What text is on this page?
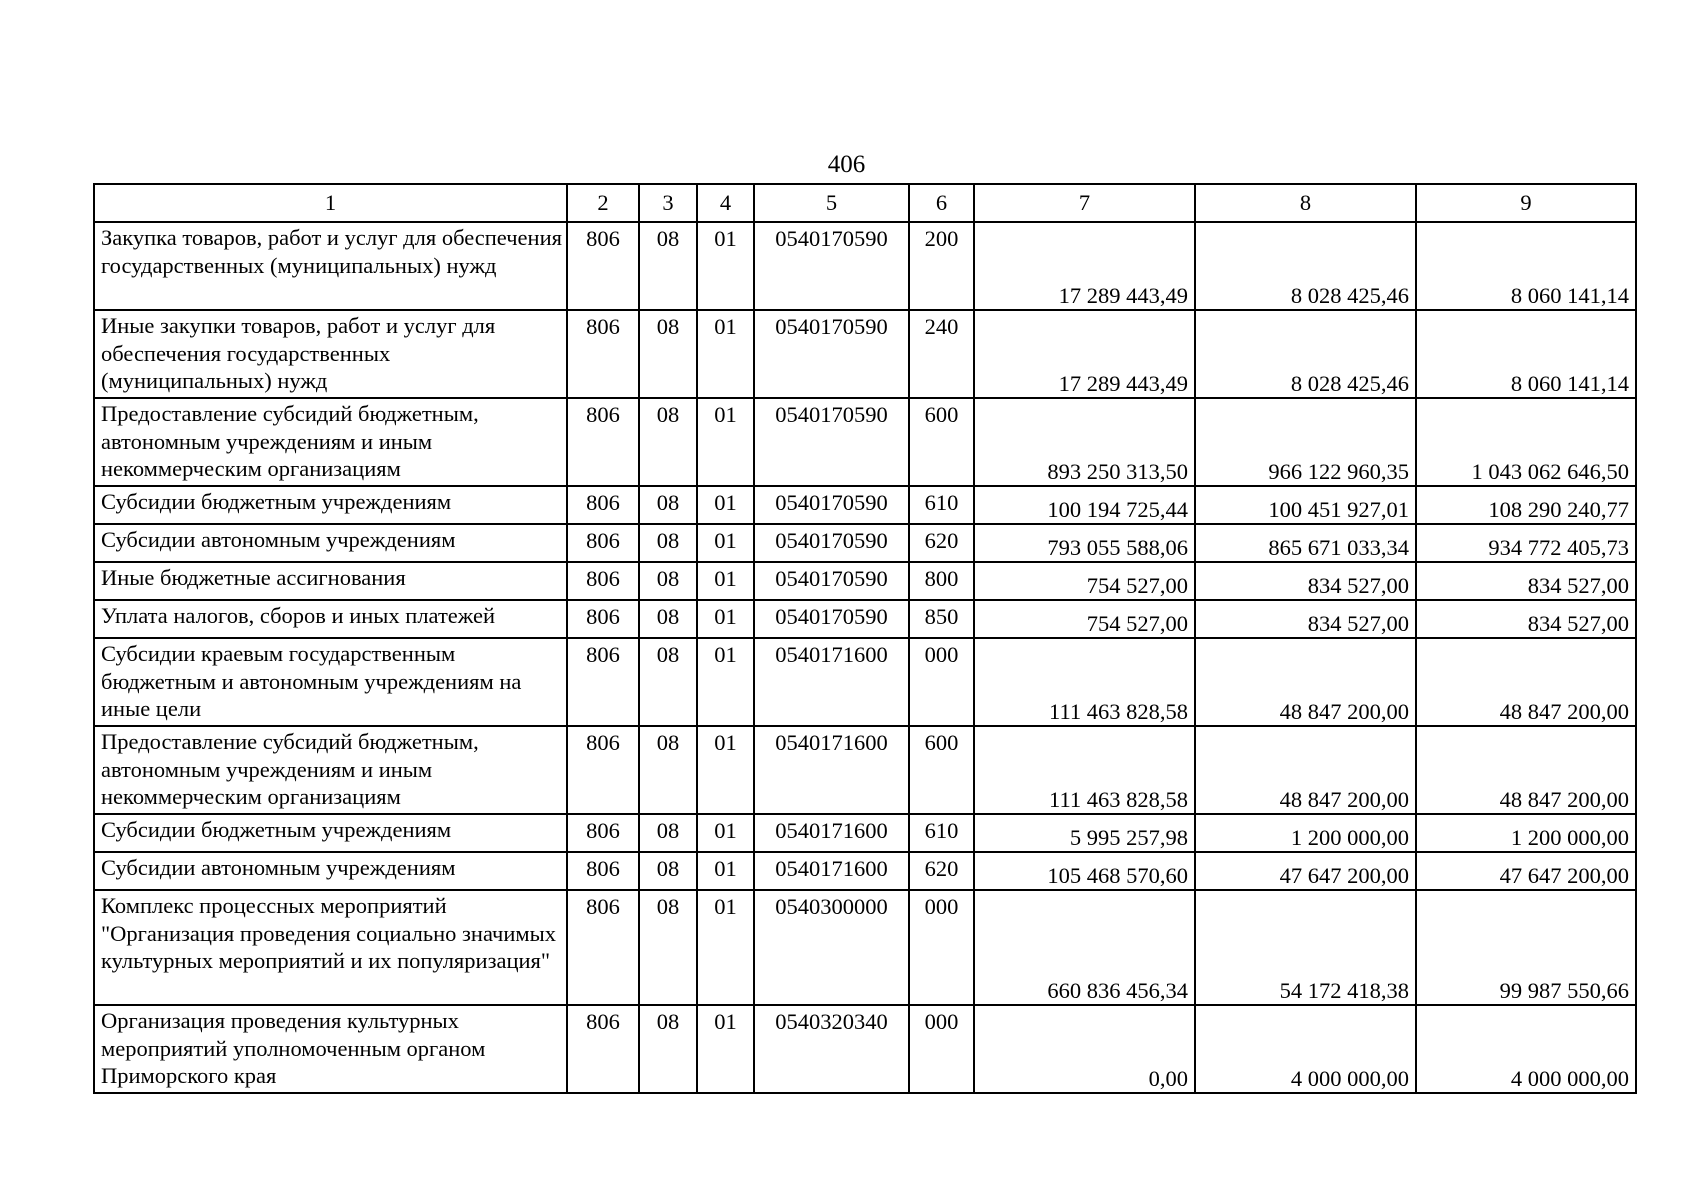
406
1	2	3	4	5	6	7	8	9
Закупка товаров, работ и услуг для обеспечения государственных (муниципальных) нужд	806	08	01	0540170590	200	17 289 443,49	8 028 425,46	8 060 141,14
Иные закупки товаров, работ и услуг для обеспечения государственных (муниципальных) нужд	806	08	01	0540170590	240	17 289 443,49	8 028 425,46	8 060 141,14
Предоставление субсидий бюджетным, автономным учреждениям и иным некоммерческим организациям	806	08	01	0540170590	600	893 250 313,50	966 122 960,35	1 043 062 646,50
Субсидии бюджетным учреждениям	806	08	01	0540170590	610	100 194 725,44	100 451 927,01	108 290 240,77
Субсидии автономным учреждениям	806	08	01	0540170590	620	793 055 588,06	865 671 033,34	934 772 405,73
Иные бюджетные ассигнования	806	08	01	0540170590	800	754 527,00	834 527,00	834 527,00
Уплата налогов, сборов и иных платежей	806	08	01	0540170590	850	754 527,00	834 527,00	834 527,00
Субсидии краевым государственным бюджетным и автономным учреждениям на иные цели	806	08	01	0540171600	000	111 463 828,58	48 847 200,00	48 847 200,00
Предоставление субсидий бюджетным, автономным учреждениям и иным некоммерческим организациям	806	08	01	0540171600	600	111 463 828,58	48 847 200,00	48 847 200,00
Субсидии бюджетным учреждениям	806	08	01	0540171600	610	5 995 257,98	1 200 000,00	1 200 000,00
Субсидии автономным учреждениям	806	08	01	0540171600	620	105 468 570,60	47 647 200,00	47 647 200,00
Комплекс процессных мероприятий "Организация проведения социально значимых культурных мероприятий и их популяризация"	806	08	01	0540300000	000	660 836 456,34	54 172 418,38	99 987 550,66
Организация проведения культурных мероприятий уполномоченным органом Приморского края	806	08	01	0540320340	000	0,00	4 000 000,00	4 000 000,00
